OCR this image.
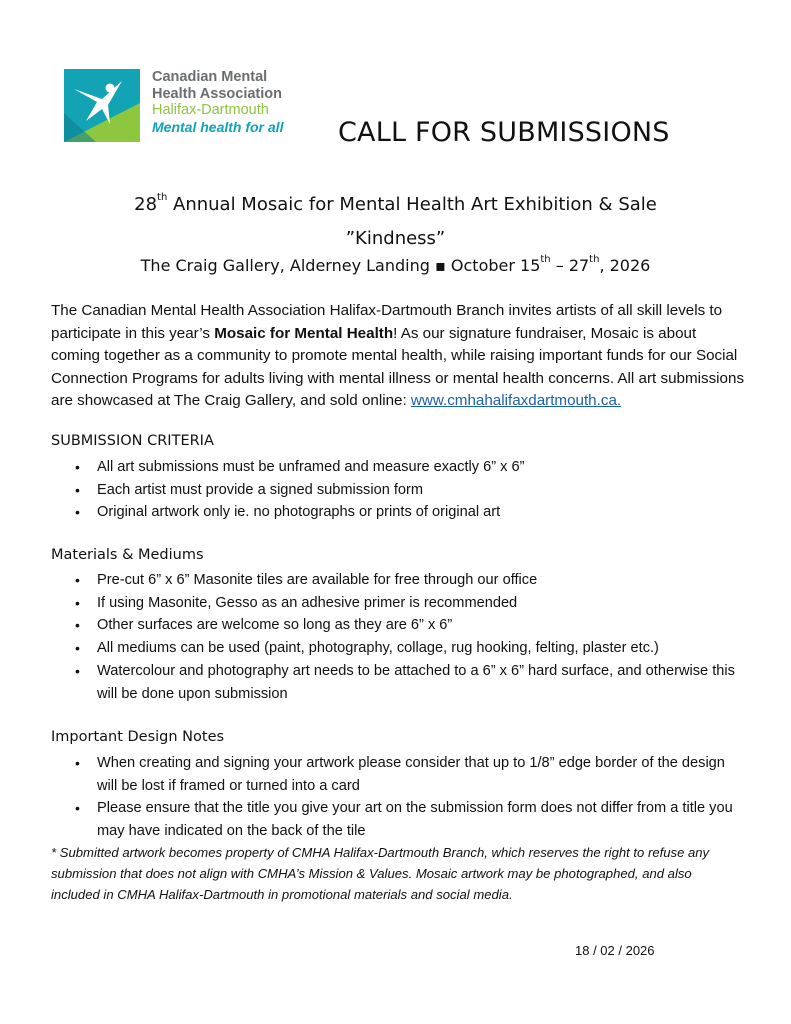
Canadian Mental
Health Association
Halifax-Dartmouth
Mental health for all	CALL FOR SUBMISSIONS
28th Annual Mosaic for Mental Health Art Exhibition & Sale
”Kindness”
The Craig Gallery, Alderney Landing ▪ October 15th – 27th, 2026

The Canadian Mental Health Association Halifax-Dartmouth Branch invites artists of all skill levels to participate in this year’s Mosaic for Mental Health! As our signature fundraiser, Mosaic is about coming together as a community to promote mental health, while raising important funds for our Social Connection Programs for adults living with mental illness or mental health concerns. All art submissions are showcased at The Craig Gallery, and sold online: www.cmhahalifaxdartmouth.ca.

SUBMISSION CRITERIA
• All art submissions must be unframed and measure exactly 6” x 6”
• Each artist must provide a signed submission form
• Original artwork only ie. no photographs or prints of original art
Materials & Mediums
• Pre-cut 6” x 6” Masonite tiles are available for free through our office
• If using Masonite, Gesso as an adhesive primer is recommended
• Other surfaces are welcome so long as they are 6” x 6”
• All mediums can be used (paint, photography, collage, rug hooking, felting, plaster etc.)
• Watercolour and photography art needs to be attached to a 6” x 6” hard surface, and otherwise this will be done upon submission
Important Design Notes
• When creating and signing your artwork please consider that up to 1/8” edge border of the design will be lost if framed or turned into a card
• Please ensure that the title you give your art on the submission form does not differ from a title you may have indicated on the back of the tile

* Submitted artwork becomes property of CMHA Halifax-Dartmouth Branch, which reserves the right to refuse any submission that does not align with CMHA’s Mission & Values. Mosaic artwork may be photographed, and also included in CMHA Halifax-Dartmouth in promotional materials and social media.

18 / 02 / 2026
